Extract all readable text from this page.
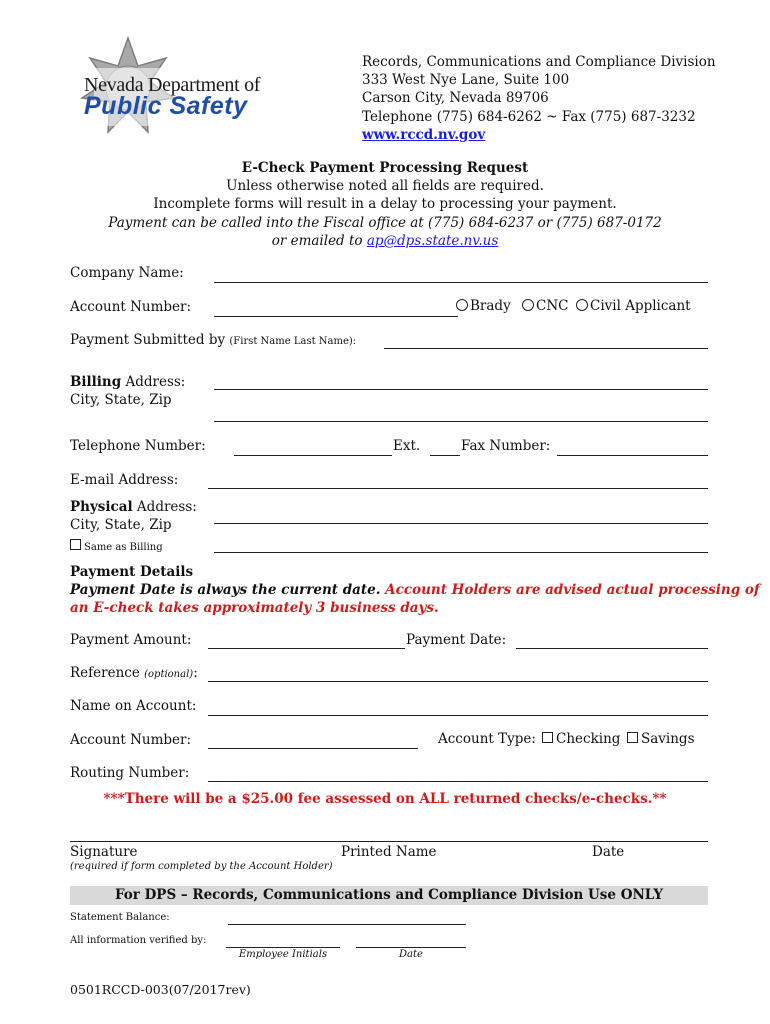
Nevada Department of
Public Safety
Records, Communications and Compliance Division
333 West Nye Lane, Suite 100
Carson City, Nevada 89706
Telephone (775) 684-6262 ~ Fax (775) 687-3232
www.rccd.nv.gov
E-Check Payment Processing Request
Unless otherwise noted all fields are required.
Incomplete forms will result in a delay to processing your payment.
Payment can be called into the Fiscal office at (775) 684-6237 or (775) 687-0172
or emailed to ap@dps.state.nv.us
Company Name:
Account Number:	Brady	CNC	Civil Applicant
Payment Submitted by (First Name Last Name):
Billing Address:
City, State, Zip
Telephone Number:	Ext.	Fax Number:
E-mail Address:
Physical Address:
City, State, Zip
Same as Billing
Payment Details
Payment Date is always the current date. Account Holders are advised actual processing of
an E-check takes approximately 3 business days.
Payment Amount:	Payment Date:
Reference (optional):
Name on Account:
Account Number:	Account Type:	Checking	Savings
Routing Number:
***There will be a $25.00 fee assessed on ALL returned checks/e-checks.**
Signature	Printed Name	Date
(required if form completed by the Account Holder)
For DPS – Records, Communications and Compliance Division Use ONLY
Statement Balance:
All information verified by:
Employee Initials	Date
0501RCCD-003(07/2017rev)
